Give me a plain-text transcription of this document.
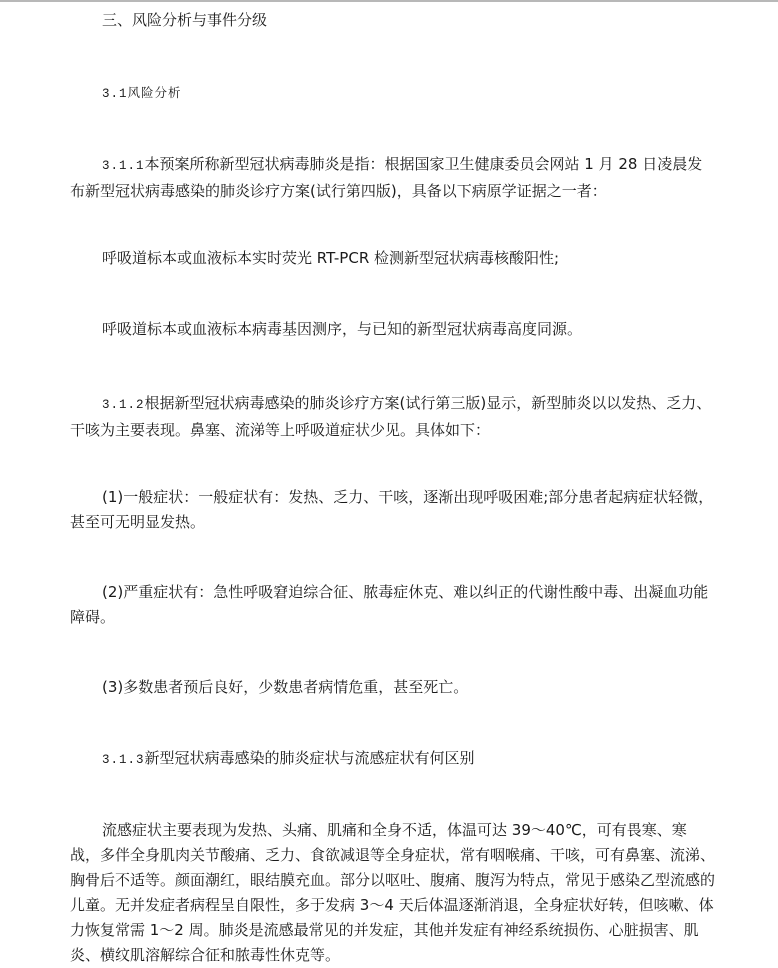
三、风险分析与事件分级

3.1风险分析

3.1.1本预案所称新型冠状病毒肺炎是指：根据国家卫生健康委员会网站 1 月 28 日凌晨发布新型冠状病毒感染的肺炎诊疗方案(试行第四版)，具备以下病原学证据之一者：

呼吸道标本或血液标本实时荧光 RT-PCR 检测新型冠状病毒核酸阳性;

呼吸道标本或血液标本病毒基因测序，与已知的新型冠状病毒高度同源。

3.1.2根据新型冠状病毒感染的肺炎诊疗方案(试行第三版)显示，新型肺炎以以发热、乏力、干咳为主要表现。鼻塞、流涕等上呼吸道症状少见。具体如下：

(1)一般症状：一般症状有：发热、乏力、干咳，逐渐出现呼吸困难;部分患者起病症状轻微，甚至可无明显发热。

(2)严重症状有：急性呼吸窘迫综合征、脓毒症休克、难以纠正的代谢性酸中毒、出凝血功能障碍。

(3)多数患者预后良好，少数患者病情危重，甚至死亡。

3.1.3新型冠状病毒感染的肺炎症状与流感症状有何区别

流感症状主要表现为发热、头痛、肌痛和全身不适，体温可达 39～40℃，可有畏寒、寒战，多伴全身肌肉关节酸痛、乏力、食欲减退等全身症状，常有咽喉痛、干咳，可有鼻塞、流涕、胸骨后不适等。颜面潮红，眼结膜充血。部分以呕吐、腹痛、腹泻为特点，常见于感染乙型流感的儿童。无并发症者病程呈自限性，多于发病 3～4 天后体温逐渐消退，全身症状好转，但咳嗽、体力恢复常需 1～2 周。肺炎是流感最常见的并发症，其他并发症有神经系统损伤、心脏损害、肌炎、横纹肌溶解综合征和脓毒性休克等。
